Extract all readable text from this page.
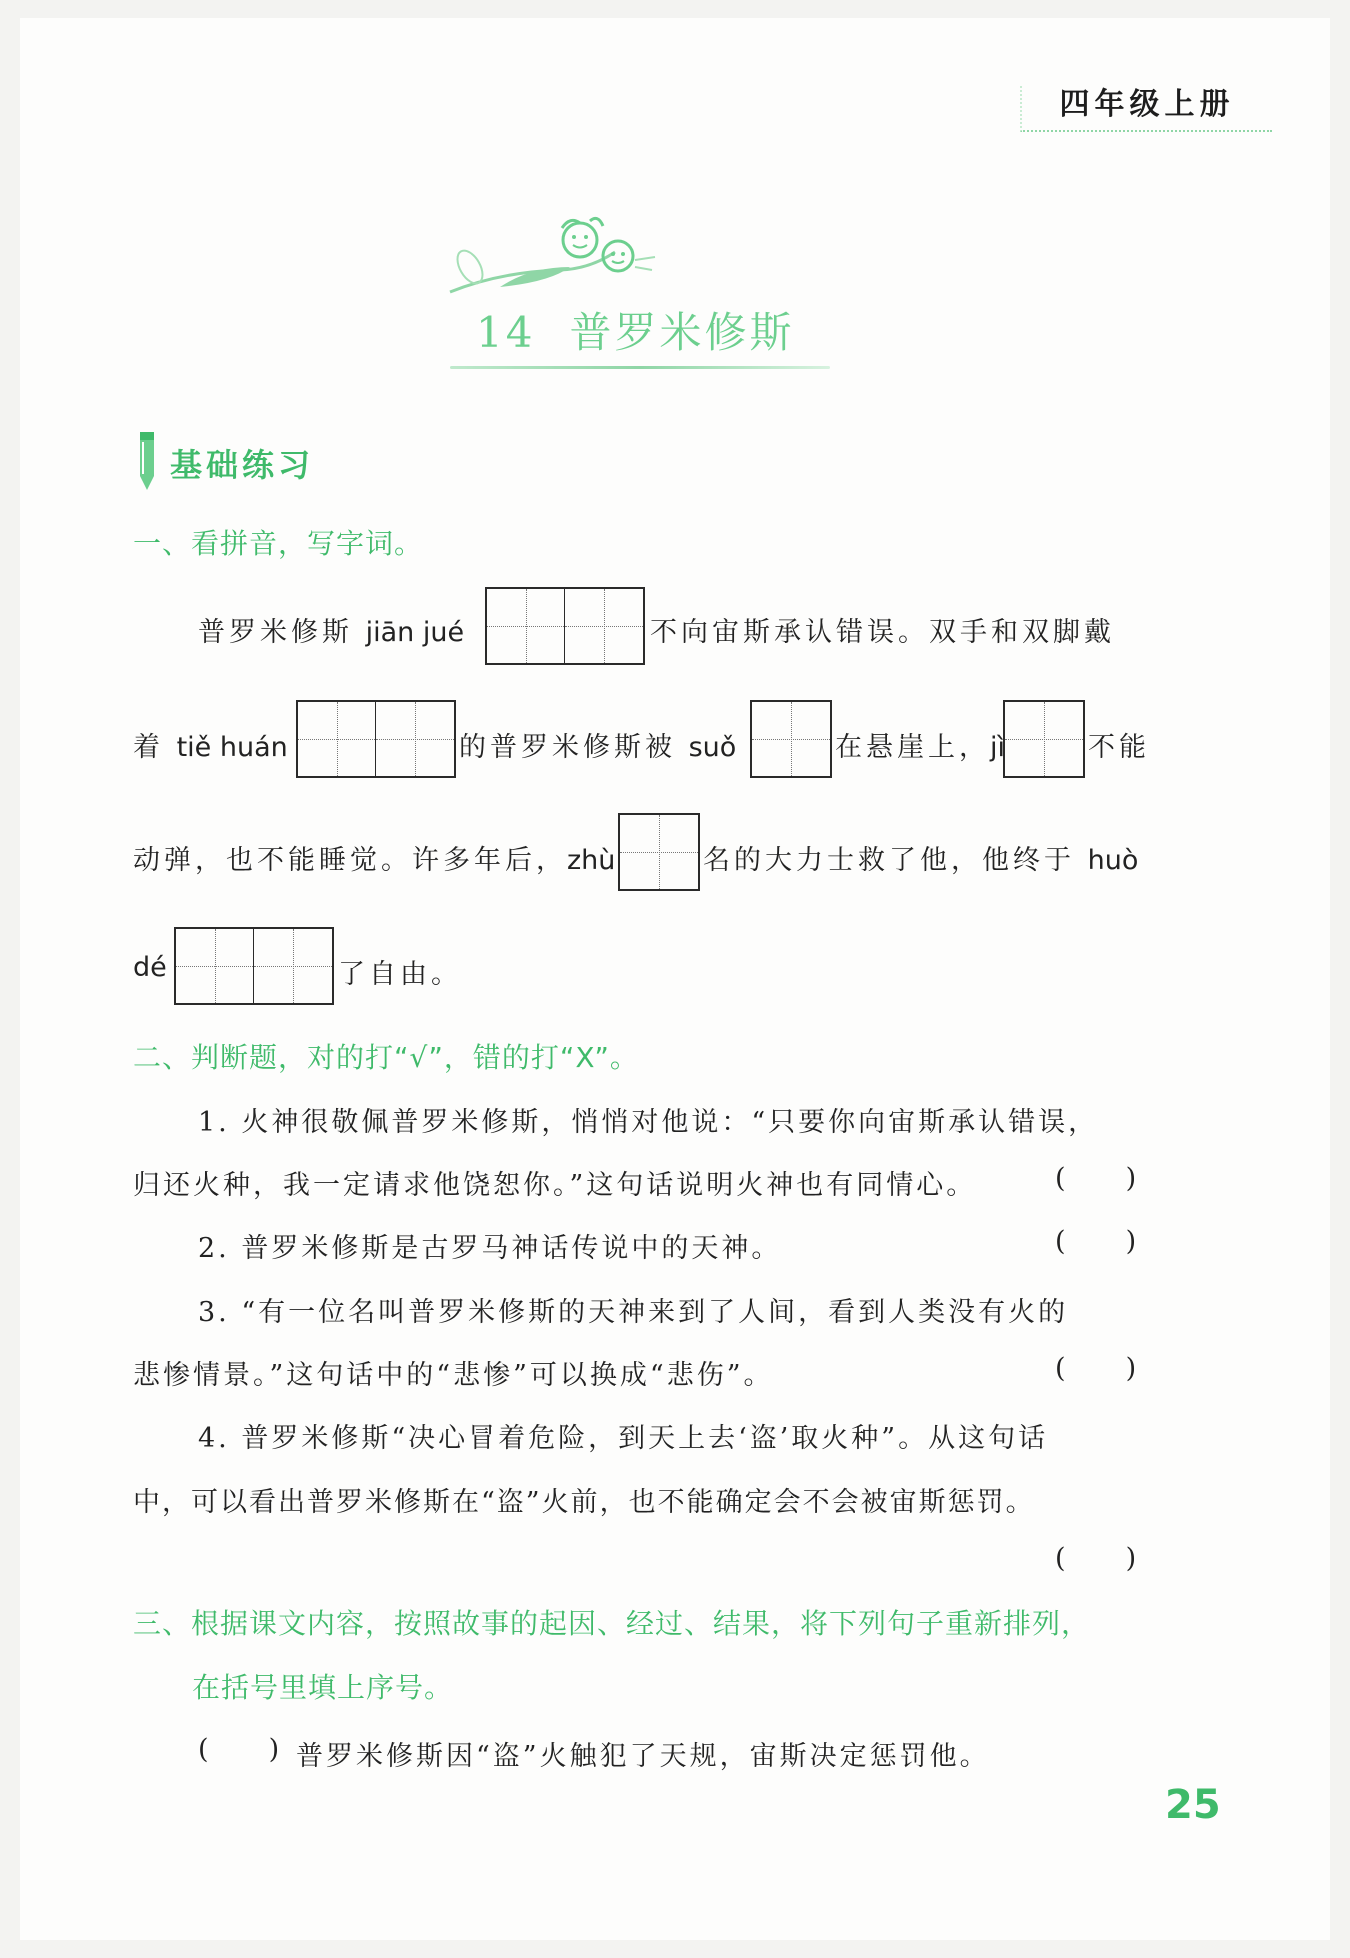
四年级上册
14 普罗米修斯
基础练习
一、看拼音，写字词。
普罗米修斯 jiān jué	不向宙斯承认错误。双手和双脚戴
着 tiě huán	的普罗米修斯被 suǒ	在悬崖上，jì	不能
动弹，也不能睡觉。许多年后，zhù	名的大力士救了他，他终于 huò
dé	了自由。
二、判断题，对的打“√”，错的打“X”。
1. 火神很敬佩普罗米修斯，悄悄对他说：“只要你向宙斯承认错误，
归还火种，我一定请求他饶恕你。”这句话说明火神也有同情心。	(       )
2. 普罗米修斯是古罗马神话传说中的天神。	(       )
3. “有一位名叫普罗米修斯的天神来到了人间，看到人类没有火的
悲惨情景。”这句话中的“悲惨”可以换成“悲伤”。	(       )
4. 普罗米修斯“决心冒着危险，到天上去‘盗’取火种”。从这句话
中，可以看出普罗米修斯在“盗”火前，也不能确定会不会被宙斯惩罚。
(       )
三、根据课文内容，按照故事的起因、经过、结果，将下列句子重新排列，
在括号里填上序号。
(       ) 普罗米修斯因“盗”火触犯了天规，宙斯决定惩罚他。
25
